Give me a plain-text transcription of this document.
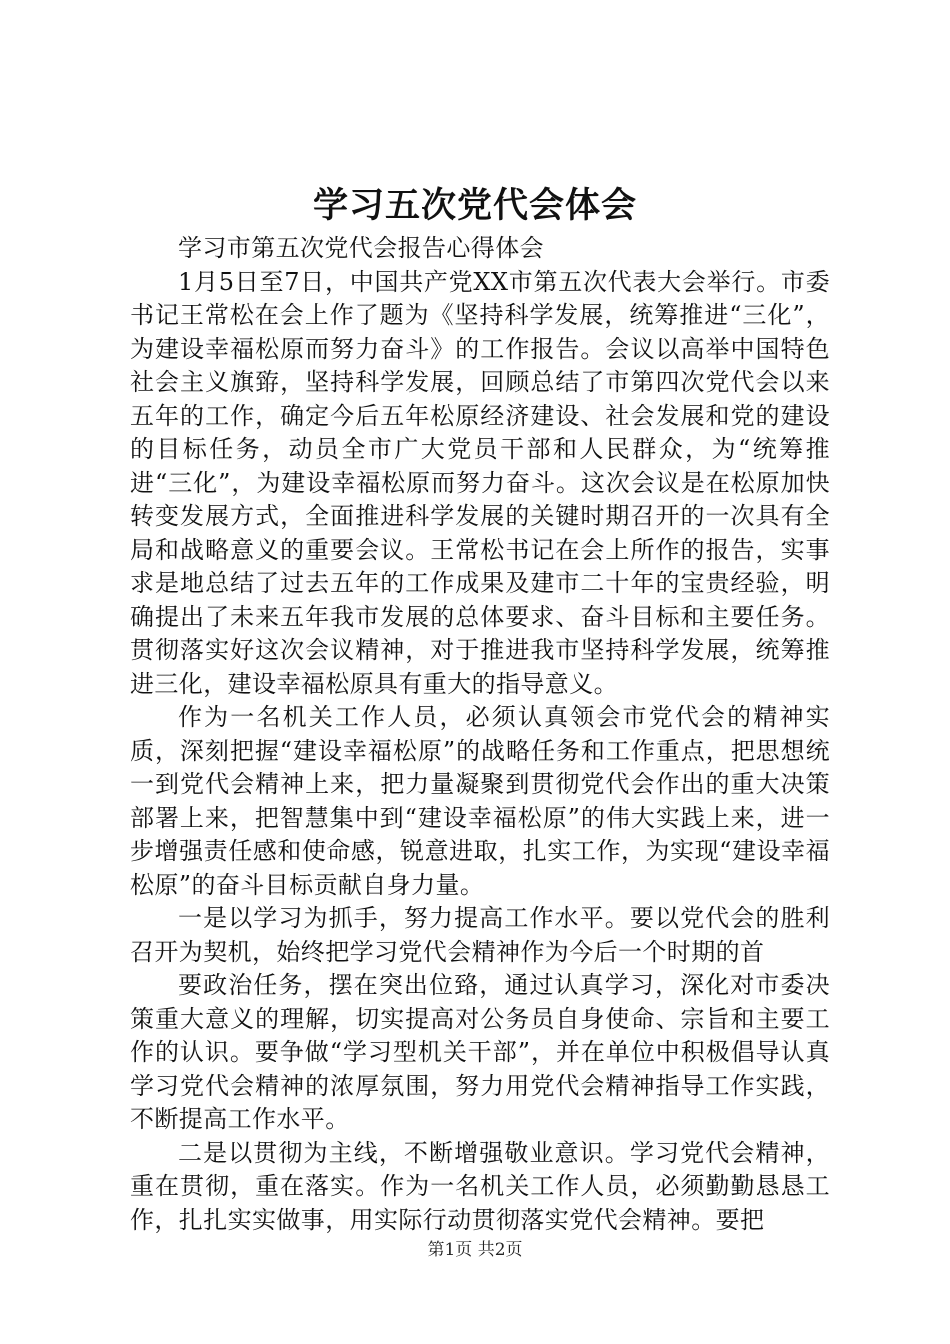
学习五次党代会体会

学习市第五次党代会报告心得体会

1月5日至7日，中国共产党XX市第五次代表大会举行。市委书记王常松在会上作了题为《坚持科学发展，统筹推进“三化”，为建设幸福松原而努力奋斗》的工作报告。会议以高举中国特色社会主义旗臶，坚持科学发展，回顾总结了市第四次党代会以来五年的工作，确定今后五年松原经济建设、社会发展和党的建设的目标任务，动员全市广大党员干部和人民群众，为“统筹推进“三化”，为建设幸福松原而努力奋斗。这次会议是在松原加快转变发展方式，全面推进科学发展的关键时期召开的一次具有全局和战略意义的重要会议。王常松书记在会上所作的报告，实事求是地总结了过去五年的工作成果及建市二十年的宝贵经验，明确提出了未来五年我市发展的总体要求、奋斗目标和主要任务。贯彻落实好这次会议精神，对于推进我市坚持科学发展，统筹推进三化，建设幸福松原具有重大的指导意义。

作为一名机关工作人员，必须认真领会市党代会的精神实质，深刻把握“建设幸福松原”的战略任务和工作重点，把思想统一到党代会精神上来，把力量凝聚到贯彻党代会作出的重大决策部署上来，把智慧集中到“建设幸福松原”的伟大实践上来，进一步增强责任感和使命感，锐意进取，扎实工作，为实现“建设幸福松原”的奋斗目标贡献自身力量。

一是以学习为抓手，努力提高工作水平。要以党代会的胜利召开为契机，始终把学习党代会精神作为今后一个时期的首

要政治任务，摆在突出位臵，通过认真学习，深化对市委决策重大意义的理解，切实提高对公务员自身使命、宗旨和主要工作的认识。要争做“学习型机关干部”，并在单位中积极倡导认真学习党代会精神的浓厚氛围，努力用党代会精神指导工作实践，不断提高工作水平。

二是以贯彻为主线，不断增强敬业意识。学习党代会精神，重在贯彻，重在落实。作为一名机关工作人员，必须勤勤恳恳工作，扎扎实实做事，用实际行动贯彻落实党代会精神。要把

第1页 共2页
